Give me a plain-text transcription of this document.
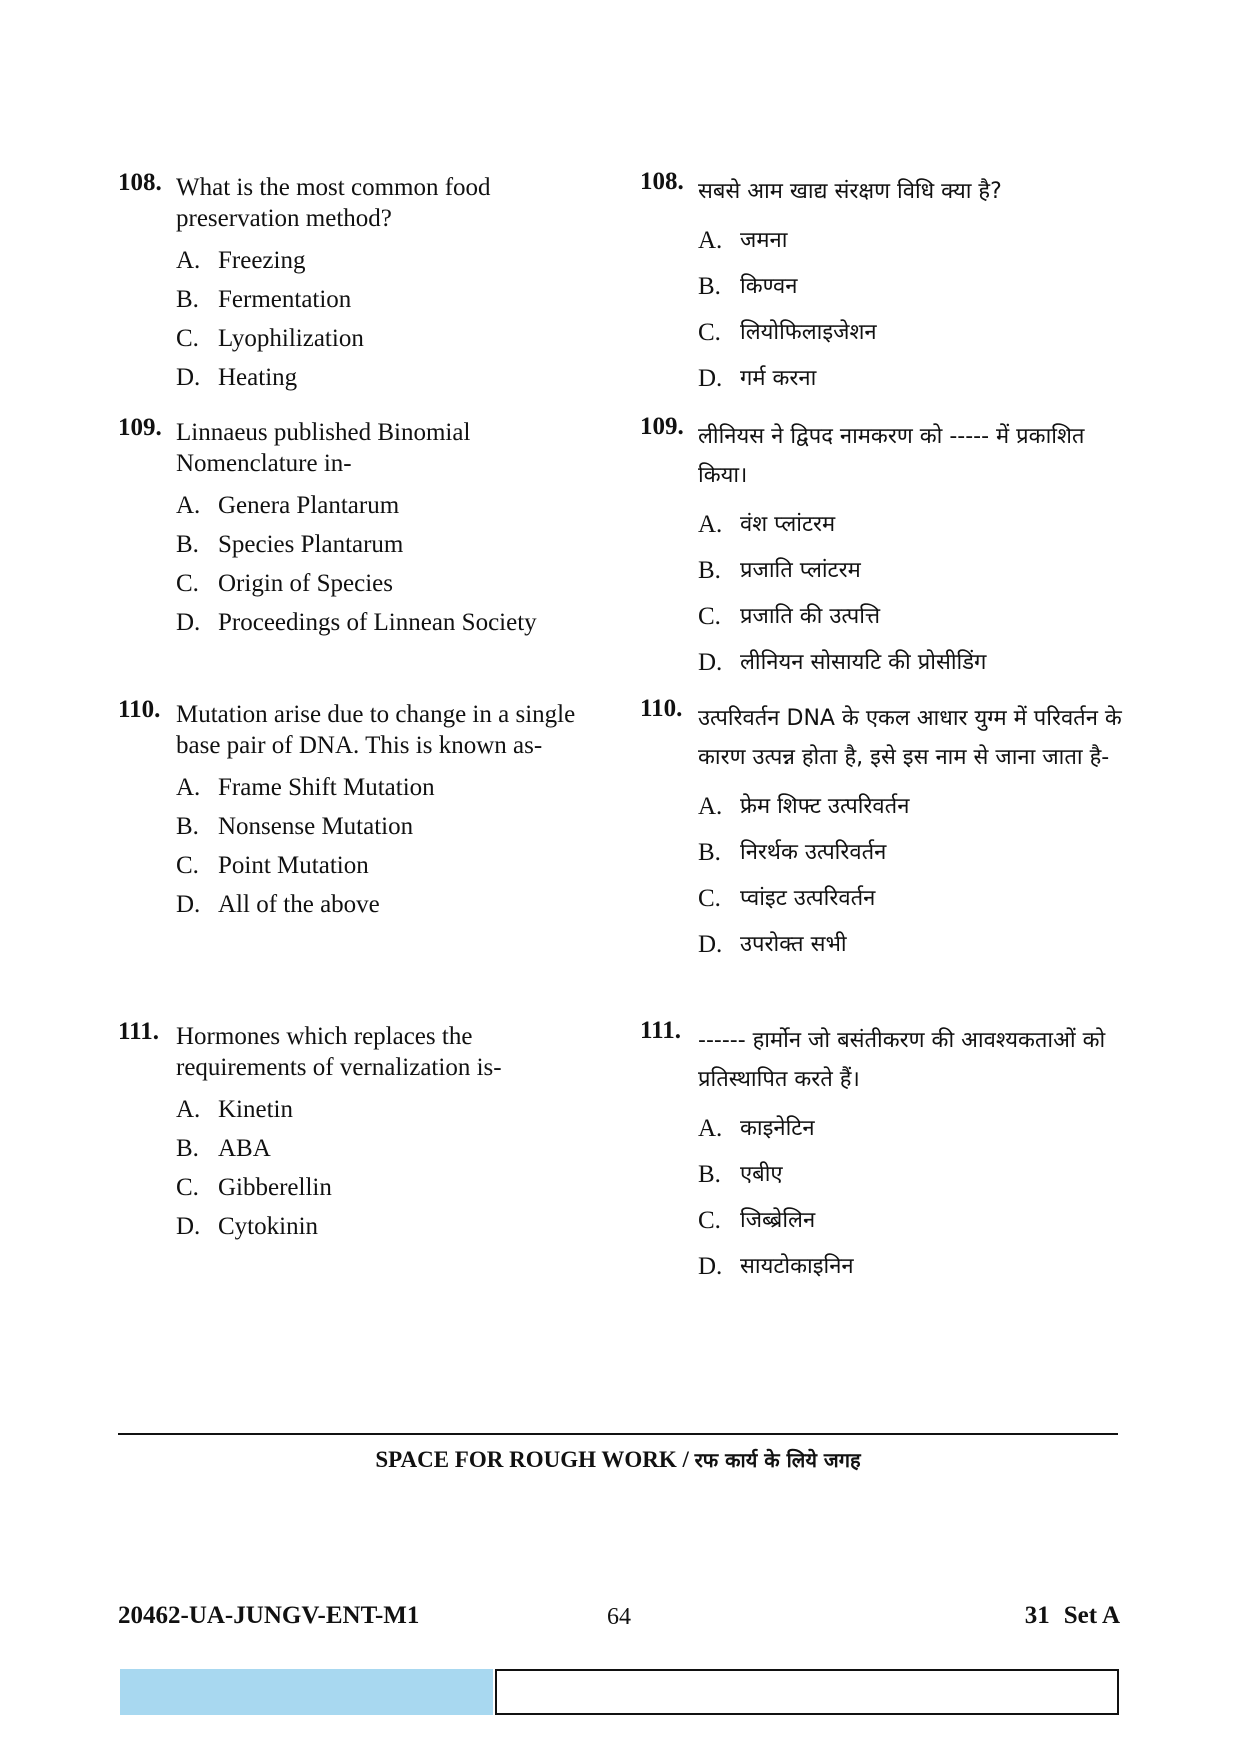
108. What is the most common food preservation method?
A. Freezing
B. Fermentation
C. Lyophilization
D. Heating
109. Linnaeus published Binomial Nomenclature in-
A. Genera Plantarum
B. Species Plantarum
C. Origin of Species
D. Proceedings of Linnean Society
110. Mutation arise due to change in a single base pair of DNA. This is known as-
A. Frame Shift Mutation
B. Nonsense Mutation
C. Point Mutation
D. All of the above
111. Hormones which replaces the requirements of vernalization is-
A. Kinetin
B. ABA
C. Gibberellin
D. Cytokinin
108. सबसे आम खाद्य संरक्षण विधि क्या है?
A. जमना
B. किण्वन
C. लियोफिलाइजेशन
D. गर्म करना
109. लीनियस ने द्विपद नामकरण को ----- में प्रकाशित किया।
A. वंश प्लांटरम
B. प्रजाति प्लांटरम
C. प्रजाति की उत्पत्ति
D. लीनियन सोसायटि की प्रोसीडिंग
110. उत्परिवर्तन DNA के एकल आधार युग्म में परिवर्तन के कारण उत्पन्न होता है, इसे इस नाम से जाना जाता है-
A. फ्रेम शिफ्ट उत्परिवर्तन
B. निरर्थक उत्परिवर्तन
C. प्वांइट उत्परिवर्तन
D. उपरोक्त सभी
111. ------ हार्मोन जो बसंतीकरण की आवश्यकताओं को प्रतिस्थापित करते हैं।
A. काइनेटिन
B. एबीए
C. जिब्ब्रेलिन
D. सायटोकाइनिन
SPACE FOR ROUGH WORK / रफ कार्य के लिये जगह
20462-UA-JUNGV-ENT-M1	64	31 Set A
